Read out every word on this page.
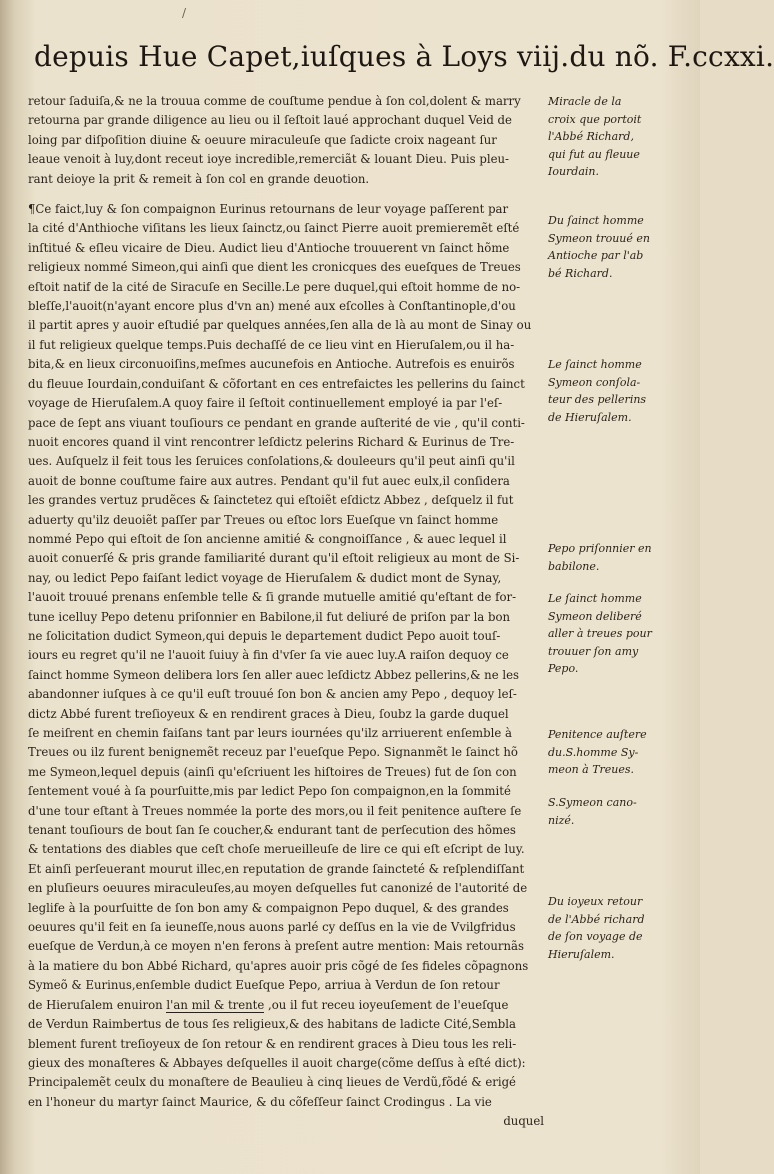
/
depuis Hue Capet,iuſques à Loys viij.du nõ. F.ccxxi.

retour ſaduiſa,& ne la trouua comme de couſtume pendue à ſon col,dolent & marry
retourna par grande diligence au lieu ou il ſeſtoit laué approchant duquel Veid de
loing par diſpoſition diuine & oeuure miraculeuſe que ſadicte croix nageant ſur
leaue venoit à luy,dont receut ioye incredible,remerciãt & louant Dieu. Puis pleu-
rant deioye la prit & remeit à ſon col en grande deuotion.

¶Ce faict,luy & ſon compaignon Eurinus retournans de leur voyage paſſerent par
la cité d'Anthioche viſitans les lieux ſainctz,ou ſainct Pierre auoit premieremẽt eſté
inſtitué & eſleu vicaire de Dieu. Audict lieu d'Antioche trouuerent vn ſainct hõme
religieux nommé Simeon,qui ainſi que dient les cronicques des eueſques de Treues
eſtoit natif de la cité de Siracuſe en Secille.Le pere duquel,qui eſtoit homme de no-
bleſſe,l'auoit(n'ayant encore plus d'vn an) mené aux eſcolles à Conſtantinople,d'ou
il partit apres y auoir eſtudié par quelques années,ſen alla de là au mont de Sinay ou
il fut religieux quelque temps.Puis dechaſſé de ce lieu vint en Hieruſalem,ou il ha-
bita,& en lieux circonuoiſins,meſmes aucunefois en Antioche. Autrefois es enuirõs
du fleuue Iourdain,conduiſant & cõfortant en ces entrefaictes les pellerins du ſainct
voyage de Hieruſalem.A quoy faire il ſeſtoit continuellement employé ia par l'eſ-
pace de ſept ans viuant touſiours ce pendant en grande auſterité de vie , qu'il conti-
nuoit encores quand il vint rencontrer leſdictz pelerins Richard & Eurinus de Tre-
ues. Auſquelz il feit tous les ſeruices conſolations,& douleeurs qu'il peut ainſi qu'il
auoit de bonne couſtume faire aux autres. Pendant qu'il fut auec eulx,il conſidera
les grandes vertuz prudẽces & ſainctetez qui eſtoiẽt eſdictz Abbez , deſquelz il fut
aduerty qu'ilz deuoiẽt paſſer par Treues ou eſtoc lors Eueſque vn ſainct homme
nommé Pepo qui eſtoit de ſon ancienne amitié & congnoiſſance , & auec lequel il
auoit conuerſé & pris grande familiarité durant qu'il eſtoit religieux au mont de Si-
nay, ou ledict Pepo faiſant ledict voyage de Hieruſalem & dudict mont de Synay,
l'auoit trouué prenans enſemble telle & ſi grande mutuelle amitié qu'eſtant de for-
tune icelluy Pepo detenu priſonnier en Babilone,il fut deliuré de priſon par la bon
ne ſolicitation dudict Symeon,qui depuis le departement dudict Pepo auoit touſ-
iours eu regret qu'il ne l'auoit ſuiuy à fin d'vſer ſa vie auec luy.A raiſon dequoy ce
ſainct homme Symeon delibera lors ſen aller auec leſdictz Abbez pellerins,& ne les
abandonner iuſques à ce qu'il euſt trouué ſon bon & ancien amy Pepo , dequoy leſ-
dictz Abbé furent treſioyeux & en rendirent graces à Dieu, ſoubz la garde duquel
ſe meiſrent en chemin faiſans tant par leurs iournées qu'ilz arriuerent enſemble à
Treues ou ilz furent benignemẽt receuz par l'eueſque Pepo. Signanmẽt le ſainct hõ
me Symeon,lequel depuis (ainſi qu'eſcriuent les hiſtoires de Treues) fut de ſon con
ſentement voué à ſa pourſuitte,mis par ledict Pepo ſon compaignon,en la ſommité
d'une tour eſtant à Treues nommée la porte des mors,ou il feit penitence auſtere ſe
tenant touſiours de bout ſan ſe coucher,& endurant tant de perſecution des hõmes
& tentations des diables que ceſt choſe merueilleuſe de lire ce qui eſt eſcript de luy.
Et ainſi perſeuerant mourut illec,en reputation de grande ſaincteté & reſplendiſſant
en pluſieurs oeuures miraculeuſes,au moyen deſquelles fut canonizé de l'autorité de
leglife à la pourſuitte de ſon bon amy & compaignon Pepo duquel, & des grandes
oeuures qu'il feit en ſa ieuneſſe,nous auons parlé cy deſſus en la vie de Vvilgfridus
eueſque de Verdun,à ce moyen n'en ferons à preſent autre mention: Mais retournãs
à la matiere du bon Abbé Richard, qu'apres auoir pris cõgé de ſes fideles cõpagnons
Symeõ & Eurinus,enſemble dudict Eueſque Pepo, arriua à Verdun de ſon retour
de Hieruſalem enuiron l'an mil & trente ,ou il fut receu ioyeuſement de l'eueſque
de Verdun Raimbertus de tous ſes religieux,& des habitans de ladicte Cité,Sembla
blement furent treſioyeux de ſon retour & en rendirent graces à Dieu tous les reli-
gieux des monaſteres & Abbayes deſquelles il auoit charge(cõme deſſus à eſté dict):
Principalemẽt ceulx du monaſtere de Beaulieu à cinq lieues de Verdũ,fõdé & erigé
en l'honeur du martyr ſainct Maurice, & du cõfeſſeur ſainct Crodingus . La vie
duquel

Miracle de la
croix que portoit
l'Abbé Richard,
qui fut au fleuue
Iourdain.
Du ſainct homme
Symeon trouué en
Antioche par l'ab
bé Richard.
Le ſainct homme
Symeon conſola-
teur des pellerins
de Hieruſalem.
Pepo priſonnier en
babilone.
Le ſainct homme
Symeon deliberé
aller à treues pour
trouuer ſon amy
Pepo.
Penitence auſtere
du.S.homme Sy-
meon à Treues.
S.Symeon cano-
nizé.
Du ioyeux retour
de l'Abbé richard
de ſon voyage de
Hieruſalem.
